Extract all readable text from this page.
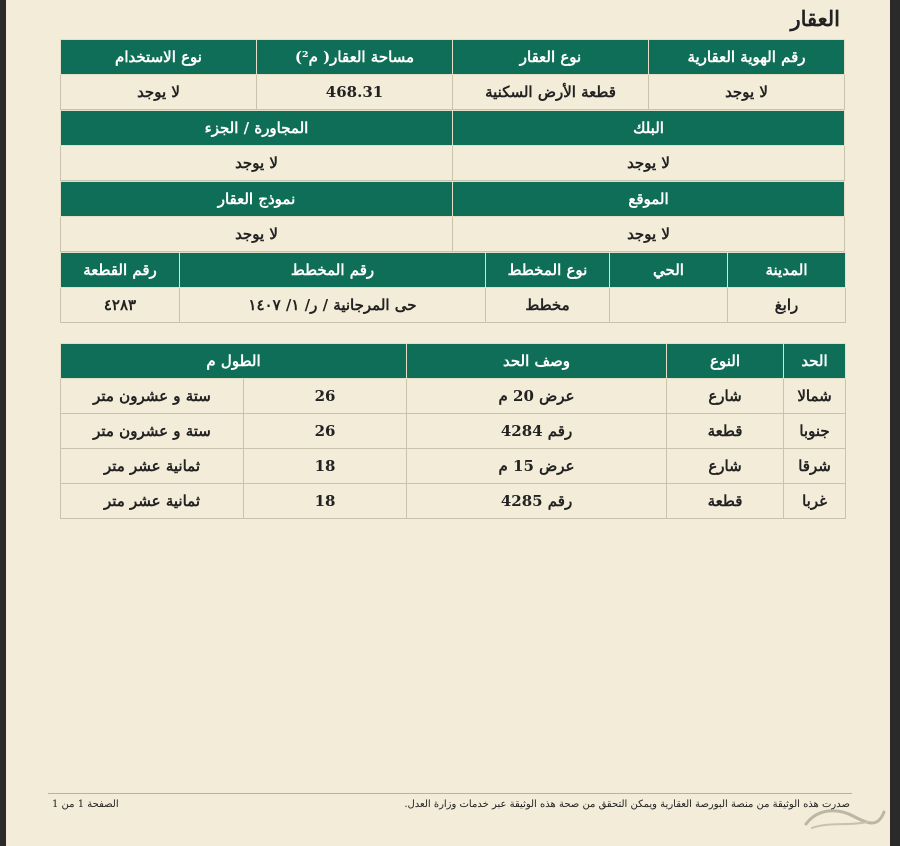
العقار
رقم الهوية العقارية	نوع العقار	مساحة العقار( م²)	نوع الاستخدام
لا يوجد	قطعة الأرض السكنية	468.31	لا يوجد
البلك	المجاورة / الجزء
لا يوجد	لا يوجد
الموقع	نموذج العقار
لا يوجد	لا يوجد
المدينة	الحي	نوع المخطط	رقم المخطط	رقم القطعة
رابغ		مخطط	حى المرجانية / ر/ ١/ ١٤٠٧	٤٢٨٣
الحد	النوع	وصف الحد	الطول م	
شمالا	شارع	عرض 20 م	26	ستة و عشرون متر
جنوبا	قطعة	رقم 4284	26	ستة و عشرون متر
شرقا	شارع	عرض 15 م	18	ثمانية عشر متر
غربا	قطعة	رقم 4285	18	ثمانية عشر متر
صدرت هذه الوثيقة من منصة البورصة العقارية ويمكن التحقق من صحة هذه الوثيقة عبر خدمات وزارة العدل.
الصفحة 1 من 1
